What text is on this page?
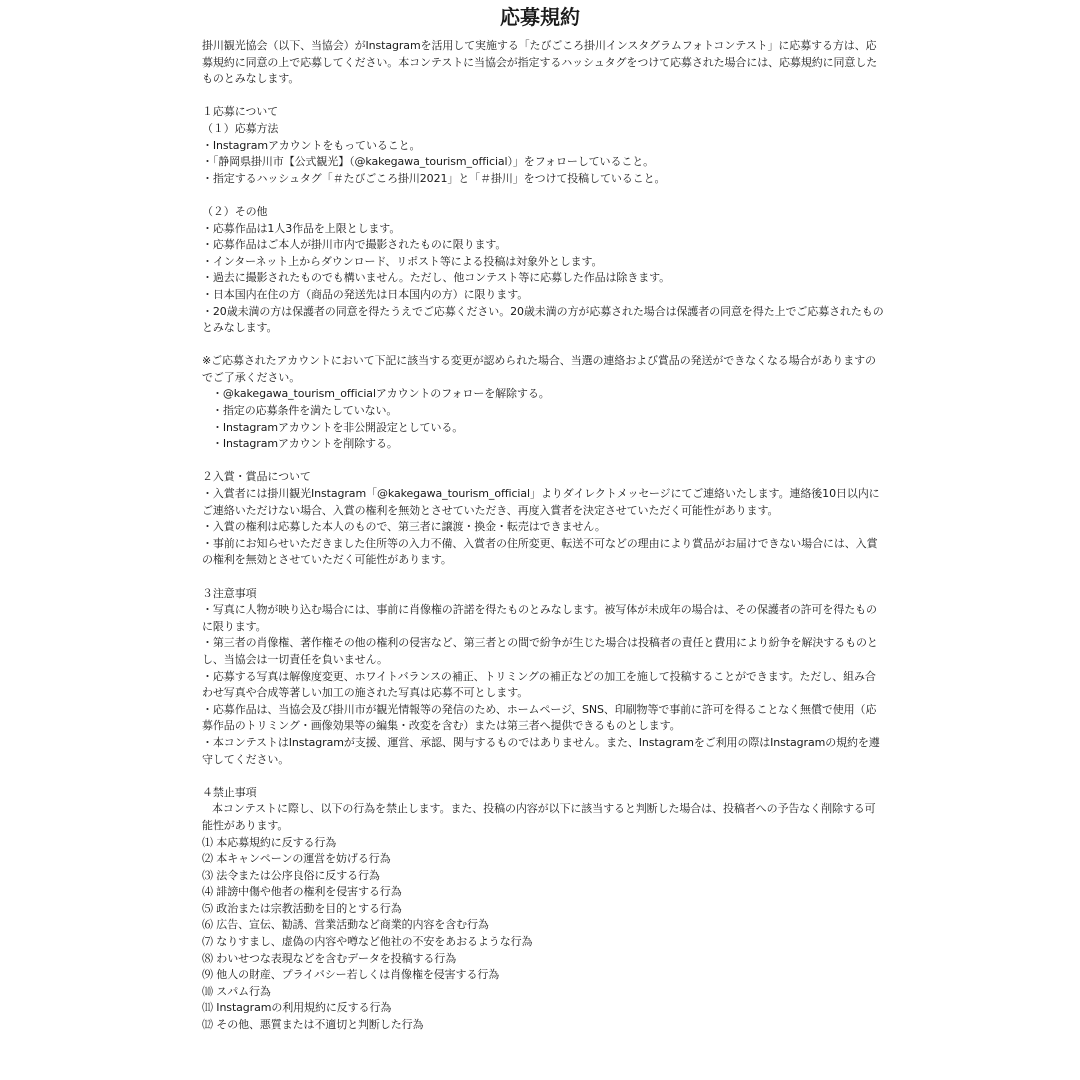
応募規約

掛川観光協会（以下、当協会）がInstagramを活用して実施する「たびごころ掛川インスタグラムフォトコンテスト」に応募する方は、応募規約に同意の上で応募してください。本コンテストに当協会が指定するハッシュタグをつけて応募された場合には、応募規約に同意したものとみなします。

１応募について

（１）応募方法

・Instagramアカウントをもっていること。

・「静岡県掛川市【公式観光】（@kakegawa_tourism_official）」をフォローしていること。

・指定するハッシュタグ「＃たびごころ掛川2021」と「＃掛川」をつけて投稿していること。

（２）その他

・応募作品は1人3作品を上限とします。

・応募作品はご本人が掛川市内で撮影されたものに限ります。

・インターネット上からダウンロード、リポスト等による投稿は対象外とします。

・過去に撮影されたものでも構いません。ただし、他コンテスト等に応募した作品は除きます。

・日本国内在住の方（商品の発送先は日本国内の方）に限ります。

・20歳未満の方は保護者の同意を得たうえでご応募ください。20歳未満の方が応募された場合は保護者の同意を得た上でご応募されたものとみなします。

※ご応募されたアカウントにおいて下記に該当する変更が認められた場合、当選の連絡および賞品の発送ができなくなる場合がありますのでご了承ください。

・@kakegawa_tourism_officialアカウントのフォローを解除する。

・指定の応募条件を満たしていない。

・Instagramアカウントを非公開設定としている。

・Instagramアカウントを削除する。

２入賞・賞品について

・入賞者には掛川観光Instagram「@kakegawa_tourism_official」よりダイレクトメッセージにてご連絡いたします。連絡後10日以内にご連絡いただけない場合、入賞の権利を無効とさせていただき、再度入賞者を決定させていただく可能性があります。

・入賞の権利は応募した本人のもので、第三者に譲渡・換金・転売はできません。

・事前にお知らせいただきました住所等の入力不備、入賞者の住所変更、転送不可などの理由により賞品がお届けできない場合には、入賞の権利を無効とさせていただく可能性があります。

３注意事項

・写真に人物が映り込む場合には、事前に肖像権の許諾を得たものとみなします。被写体が未成年の場合は、その保護者の許可を得たものに限ります。

・第三者の肖像権、著作権その他の権利の侵害など、第三者との間で紛争が生じた場合は投稿者の責任と費用により紛争を解決するものとし、当協会は一切責任を負いません。

・応募する写真は解像度変更、ホワイトバランスの補正、トリミングの補正などの加工を施して投稿することができます。ただし、組み合わせ写真や合成等著しい加工の施された写真は応募不可とします。

・応募作品は、当協会及び掛川市が観光情報等の発信のため、ホームページ、SNS、印刷物等で事前に許可を得ることなく無償で使用（応募作品のトリミング・画像効果等の編集・改変を含む）または第三者へ提供できるものとします。

・本コンテストはInstagramが支援、運営、承認、関与するものではありません。また、Instagramをご利用の際はInstagramの規約を遵守してください。

４禁止事項

本コンテストに際し、以下の行為を禁止します。また、投稿の内容が以下に該当すると判断した場合は、投稿者への予告なく削除する可能性があります。

⑴ 本応募規約に反する行為

⑵ 本キャンペーンの運営を妨げる行為

⑶ 法令または公序良俗に反する行為

⑷ 誹謗中傷や他者の権利を侵害する行為

⑸ 政治または宗教活動を目的とする行為

⑹ 広告、宣伝、勧誘、営業活動など商業的内容を含む行為

⑺ なりすまし、虚偽の内容や噂など他社の不安をあおるような行為

⑻ わいせつな表現などを含むデータを投稿する行為

⑼ 他人の財産、プライバシー若しくは肖像権を侵害する行為

⑽ スパム行為

⑾ Instagramの利用規約に反する行為

⑿ その他、悪質または不適切と判断した行為
